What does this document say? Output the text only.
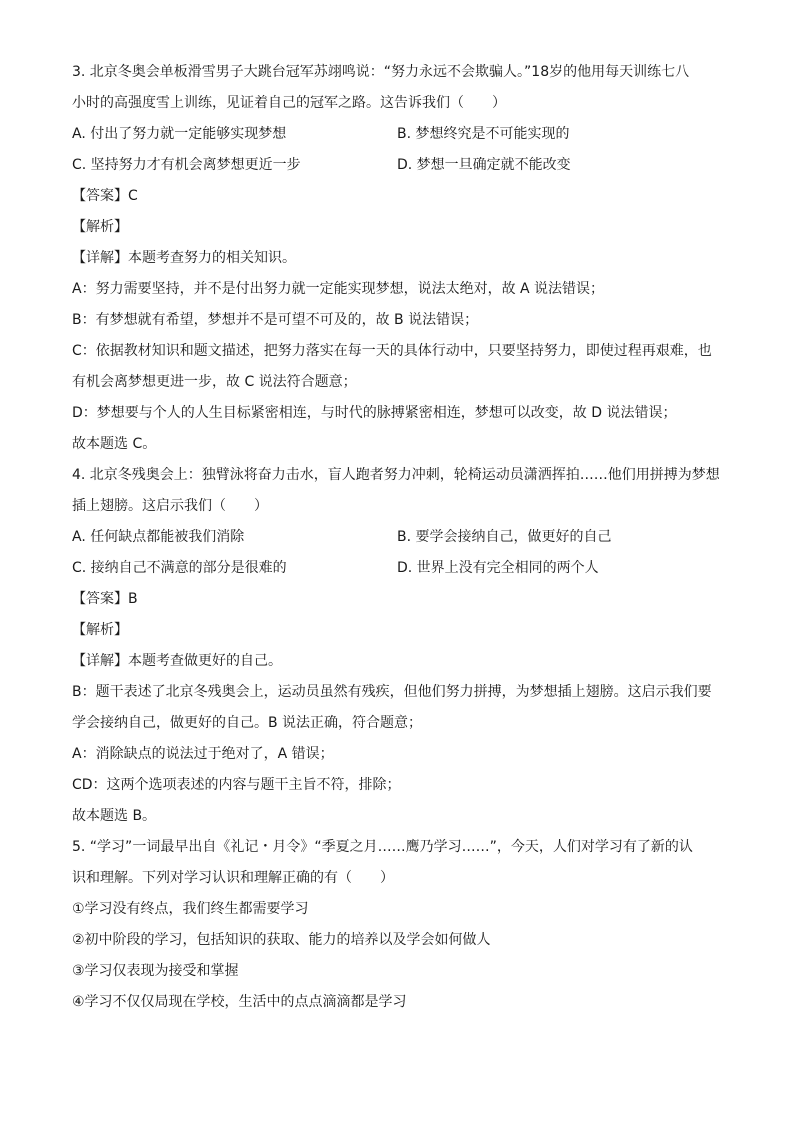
3. 北京冬奥会单板滑雪男子大跳台冠军苏翊鸣说：“努力永远不会欺骗人。”18岁的他用每天训练七八

小时的高强度雪上训练，见证着自己的冠军之路。这告诉我们（　　）

A. 付出了努力就一定能够实现梦想	B. 梦想终究是不可能实现的
C. 坚持努力才有机会离梦想更近一步	D. 梦想一旦确定就不能改变

【答案】C

【解析】

【详解】本题考查努力的相关知识。

A：努力需要坚持，并不是付出努力就一定能实现梦想，说法太绝对，故 A 说法错误；

B：有梦想就有希望，梦想并不是可望不可及的，故 B 说法错误；

C：依据教材知识和题文描述，把努力落实在每一天的具体行动中，只要坚持努力，即使过程再艰难，也

有机会离梦想更进一步，故 C 说法符合题意；

D：梦想要与个人的人生目标紧密相连，与时代的脉搏紧密相连，梦想可以改变，故 D 说法错误；

故本题选 C。

4. 北京冬残奥会上：独臂泳将奋力击水，盲人跑者努力冲刺，轮椅运动员潇洒挥拍……他们用拼搏为梦想

插上翅膀。这启示我们（　　）

A. 任何缺点都能被我们消除	B. 要学会接纳自己，做更好的自己
C. 接纳自己不满意的部分是很难的	D. 世界上没有完全相同的两个人

【答案】B

【解析】

【详解】本题考查做更好的自己。

B：题干表述了北京冬残奥会上，运动员虽然有残疾，但他们努力拼搏，为梦想插上翅膀。这启示我们要

学会接纳自己，做更好的自己。B 说法正确，符合题意；

A：消除缺点的说法过于绝对了，A 错误；

CD：这两个选项表述的内容与题干主旨不符，排除；

故本题选 B。

5. “学习”一词最早出自《礼记・月令》“季夏之月……鹰乃学习……”，今天，人们对学习有了新的认

识和理解。下列对学习认识和理解正确的有（　　）

①学习没有终点，我们终生都需要学习

②初中阶段的学习，包括知识的获取、能力的培养以及学会如何做人

③学习仅表现为接受和掌握

④学习不仅仅局现在学校，生活中的点点滴滴都是学习
